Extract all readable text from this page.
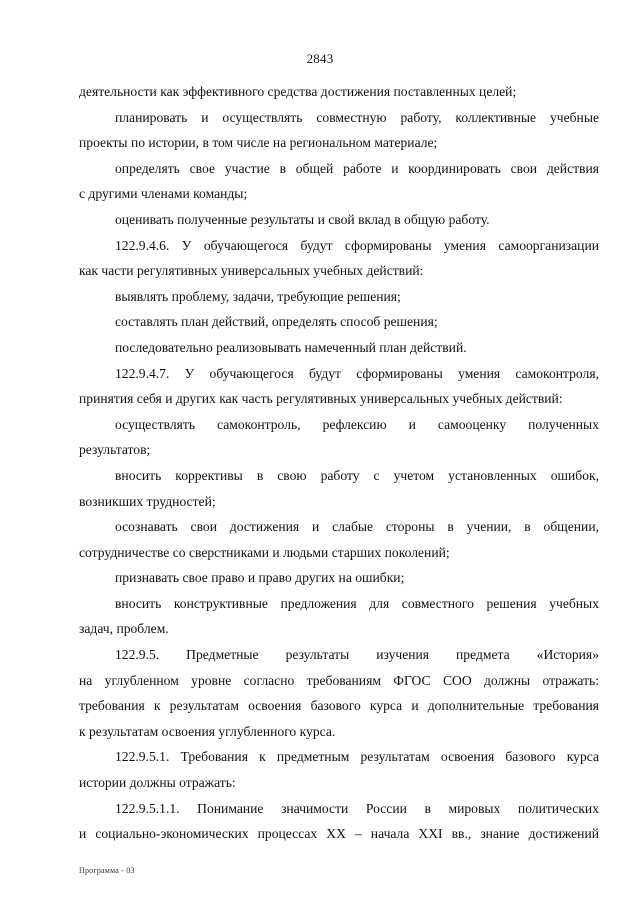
2843
деятельности как эффективного средства достижения поставленных целей;
планировать и осуществлять совместную работу, коллективные учебные
проекты по истории, в том числе на региональном материале;
определять свое участие в общей работе и координировать свои действия
с другими членами команды;
оценивать полученные результаты и свой вклад в общую работу.
122.9.4.6. У обучающегося будут сформированы умения самоорганизации
как части регулятивных универсальных учебных действий:
выявлять проблему, задачи, требующие решения;
составлять план действий, определять способ решения;
последовательно реализовывать намеченный план действий.
122.9.4.7. У обучающегося будут сформированы умения самоконтроля,
принятия себя и других как часть регулятивных универсальных учебных действий:
осуществлять самоконтроль, рефлексию и самооценку полученных
результатов;
вносить коррективы в свою работу с учетом установленных ошибок,
возникших трудностей;
осознавать свои достижения и слабые стороны в учении, в общении,
сотрудничестве со сверстниками и людьми старших поколений;
признавать свое право и право других на ошибки;
вносить конструктивные предложения для совместного решения учебных
задач, проблем.
122.9.5. Предметные результаты изучения предмета «История»
на углубленном уровне согласно требованиям ФГОС СОО должны отражать:
требования к результатам освоения базового курса и дополнительные требования
к результатам освоения углубленного курса.
122.9.5.1. Требования к предметным результатам освоения базового курса
истории должны отражать:
122.9.5.1.1. Понимание значимости России в мировых политических
и социально-экономических процессах XX – начала XXI вв., знание достижений
Программа - 03
